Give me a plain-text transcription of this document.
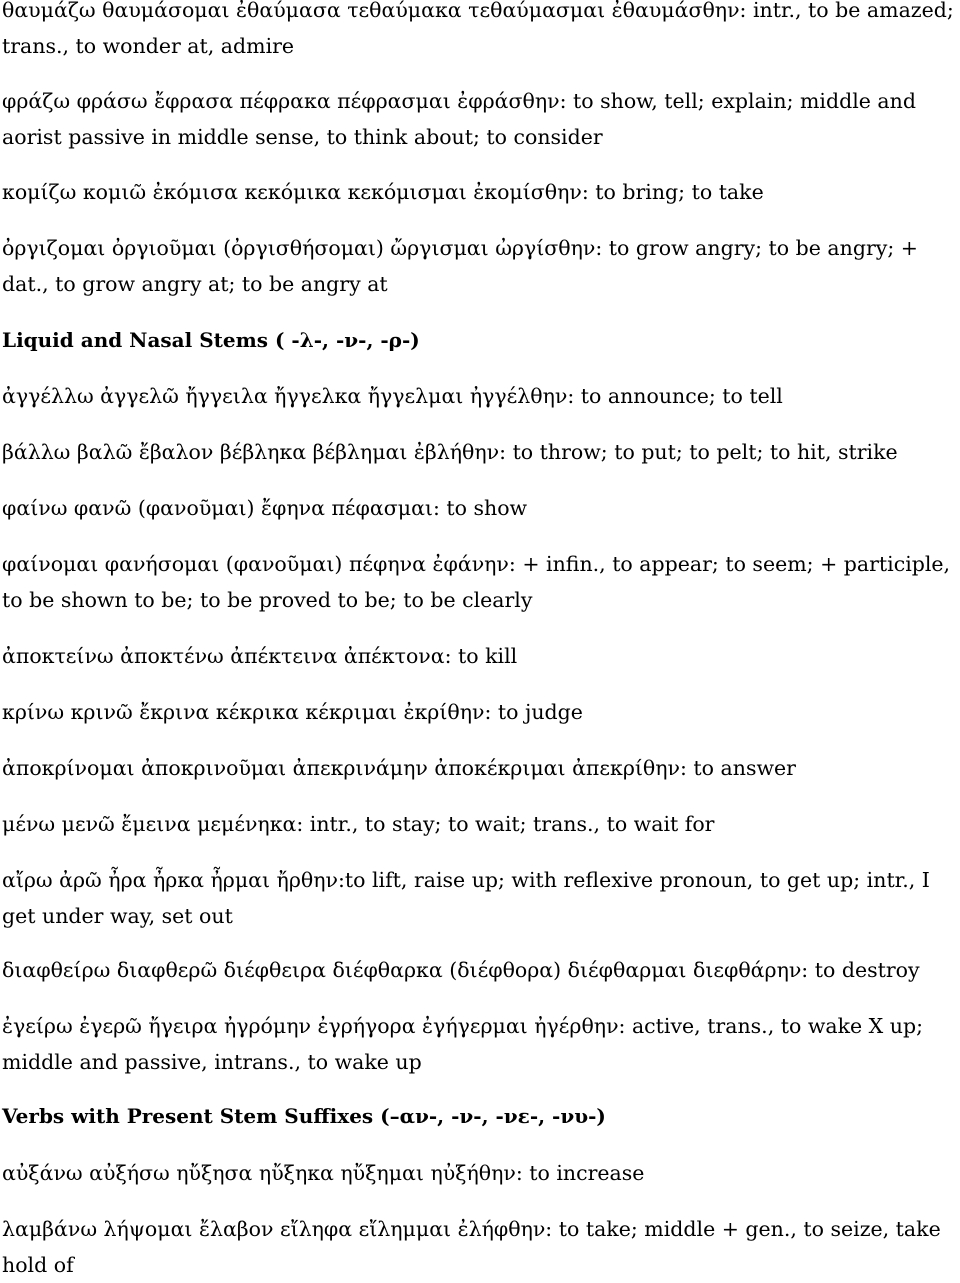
θαυμάζω θαυμάσομαι ἐθαύμασα τεθαύμακα τεθαύμασμαι ἐθαυμάσθην: intr., to be amazed; trans., to wonder at, admire

φράζω φράσω ἔφρασα πέφρακα πέφρασμαι ἐφράσθην: to show, tell; explain; middle and aorist passive in middle sense, to think about; to consider

κομίζω κομιῶ ἐκόμισα κεκόμικα κεκόμισμαι ἐκομίσθην: to bring; to take

ὀργιζομαι ὀργιοῦμαι (ὀργισθήσομαι) ὤργισμαι ὠργίσθην: to grow angry; to be angry; + dat., to grow angry at; to be angry at

Liquid and Nasal Stems ( -λ-, -ν-, -ρ-)

ἀγγέλλω ἀγγελῶ ἤγγειλα ἤγγελκα ἤγγελμαι ἠγγέλθην: to announce; to tell

βάλλω βαλῶ ἔβαλον βέβληκα βέβλημαι ἐβλήθην: to throw; to put; to pelt; to hit, strike

φαίνω φανῶ (φανοῦμαι) ἔφηνα πέφασμαι: to show

φαίνομαι φανήσομαι (φανοῦμαι) πέφηνα ἐφάνην: + infin., to appear; to seem; + participle, to be shown to be; to be proved to be; to be clearly

ἀποκτείνω ἀποκτένω ἀπέκτεινα ἀπέκτονα: to kill

κρίνω κρινῶ ἔκρινα κέκρικα κέκριμαι ἐκρίθην: to judge

ἀποκρίνομαι ἀποκρινοῦμαι ἀπεκρινάμην ἀποκέκριμαι ἀπεκρίθην: to answer

μένω μενῶ ἔμεινα μεμένηκα: intr., to stay; to wait; trans., to wait for

αἴρω ἀρῶ ἦρα ἦρκα ἦρμαι ἤρθην:to lift, raise up; with reflexive pronoun, to get up; intr., I get under way, set out

διαφθείρω διαφθερῶ διέφθειρα διέφθαρκα (διέφθορα) διέφθαρμαι διεφθάρην: to destroy

ἐγείρω ἐγερῶ ἤγειρα ἠγρόμην ἐγρήγορα ἐγήγερμαι ἠγέρθην: active, trans., to wake X up; middle and passive, intrans., to wake up

Verbs with Present Stem Suffixes (–αν-, -ν-, -νε-, -νυ-)

αὐξάνω αὐξήσω ηὔξησα ηὔξηκα ηὔξημαι ηὐξήθην: to increase

λαμβάνω λήψομαι ἔλαβον εἴληφα εἴλημμαι ἐλήφθην: to take; middle + gen., to seize, take hold of
